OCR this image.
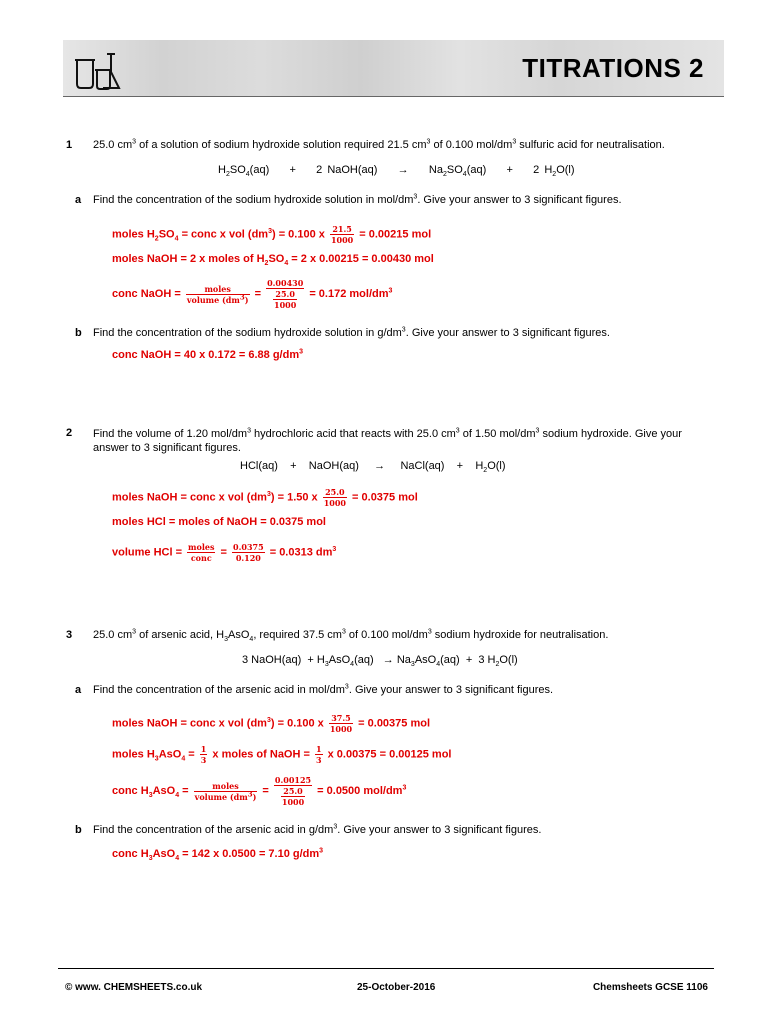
TITRATIONS 2
1 25.0 $cm^3$ of a solution of sodium hydroxide solution required 21.5 $cm^3$ of 0.100 mol/$dm^3$ sulfuric acid for neutralisation.
$H_2SO_4(aq) + 2$ NaOH(aq) → $Na_2SO_4(aq) + 2$ $H_2O(l)$
a Find the concentration of the sodium hydroxide solution in mol/$dm^3$. Give your answer to 3 significant figures.
moles $H_2SO_4$ = conc x vol $(dm^3) = 0.100$ x $\frac{21.5}{1000} = 0.00215$ mol
moles NaOH = 2 x moles of $H_2SO_4 = 2$ x 0.00215 = 0.00430 mol
conc NaOH = $\frac{\text{moles}}{volume (dm^3)} = \frac{0.00430}{\frac{25.0}{1000}} = 0.172$ mol/$dm^3$
b Find the concentration of the sodium hydroxide solution in $g/dm^3$. Give your answer to 3 significant figures.
conc NaOH = 40 x 0.172 = 6.88 $g/dm^3$
2 Find the volume of 1.20 mol/$dm^3$ hydrochloric acid that reacts with 25.0 $cm^3$ of 1.50 mol/$dm^3$ sodium hydroxide. Give your answer to 3 significant figures.
HCl(aq)    +    NaOH(aq)     →     NaCl(aq)    +    $H_2O(l)$
moles NaOH = conc x vol $(dm^3) = 1.50$ x $\frac{25.0}{1000} = 0.0375$ mol
moles HCl = moles of NaOH = 0.0375 mol
volume HCl = $\frac{\text{moles}}{\text{conc}} = \frac{0.0375}{0.120} = 0.0313$ $dm^3$
3 25.0 $cm^3$ of arsenic acid, $H_3AsO_4$, required 37.5 $cm^3$ of 0.100 mol/$dm^3$ sodium hydroxide for neutralisation.
3 NaOH(aq)  + $H_3AsO_4(aq) \to Na_3AsO_4(aq) + 3$ $H_2O(l)$
a Find the concentration of the arsenic acid in mol/$dm^3$. Give your answer to 3 significant figures.
moles NaOH = conc x vol $(dm^3) = 0.100$ x $\frac{37.5}{1000} = 0.00375$ mol
moles $H_3AsO_4 = \frac{1}{3}$ x moles of NaOH = $\frac{1}{3}$ x 0.00375 = 0.00125 mol
conc $H_3AsO_4 = \frac{\text{moles}}{volume (dm^3)} = \frac{0.00125}{\frac{25.0}{1000}} = 0.0500$ mol/$dm^3$
b Find the concentration of the arsenic acid in $g/dm^3$. Give your answer to 3 significant figures.
conc $H_3AsO_4 = 142$ x 0.0500 = 7.10 $g/dm^3$
© www. CHEMSHEETS.co.uk	25-October-2016	Chemsheets GCSE 1106
